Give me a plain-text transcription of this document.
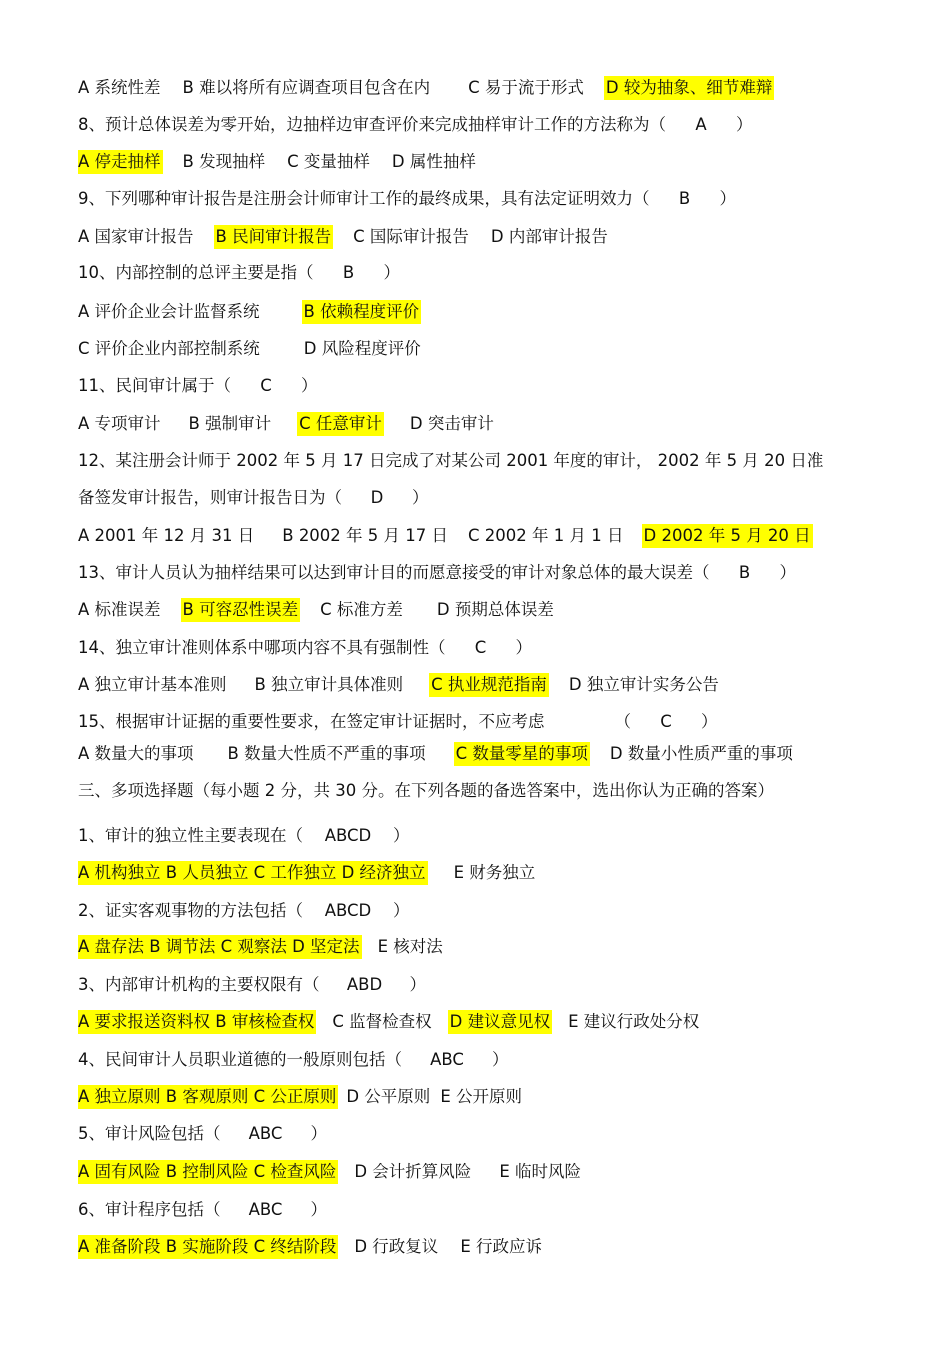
A 系统性差 B 难以将所有应调查项目包含在内 C 易于流于形式 D 较为抽象、细节难辩
8、预计总体误差为零开始，边抽样边审查评价来完成抽样审计工作的方法称为（ A ）
A 停走抽样 B 发现抽样 C 变量抽样 D 属性抽样
9、下列哪种审计报告是注册会计师审计工作的最终成果，具有法定证明效力（ B ）
A 国家审计报告 B 民间审计报告 C 国际审计报告 D 内部审计报告
10、内部控制的总评主要是指（ B ）
A 评价企业会计监督系统	B 依赖程度评价
C 评价企业内部控制系统	D 风险程度评价
11、民间审计属于（ C ）
A 专项审计 B 强制审计 C 任意审计 D 突击审计
12、某注册会计师于 2002 年 5 月 17 日完成了对某公司 2001 年度的审计， 2002 年 5 月 20 日准
备签发审计报告，则审计报告日为（ D ）
A 2001 年 12 月 31 日 B 2002 年 5 月 17 日 C 2002 年 1 月 1 日 D 2002 年 5 月 20 日
13、审计人员认为抽样结果可以达到审计目的而愿意接受的审计对象总体的最大误差（ B ）
A 标准误差 B 可容忍性误差 C 标准方差 D 预期总体误差
14、独立审计准则体系中哪项内容不具有强制性（ C ）
A 独立审计基本准则 B 独立审计具体准则 C 执业规范指南 D 独立审计实务公告
15、根据审计证据的重要性要求，在签定审计证据时，不应考虑	（ C ）
A 数量大的事项 B 数量大性质不严重的事项 C 数量零星的事项 D 数量小性质严重的事项
三、多项选择题（每小题 2 分，共 30 分。在下列各题的备选答案中，选出你认为正确的答案）
1、审计的独立性主要表现在（ ABCD ）
A 机构独立 B 人员独立 C 工作独立 D 经济独立 E 财务独立
2、证实客观事物的方法包括（ ABCD ）
A 盘存法 B 调节法 C 观察法 D 坚定法 E 核对法
3、内部审计机构的主要权限有（ ABD ）
A 要求报送资料权 B 审核检查权 C 监督检查权 D 建议意见权 E 建议行政处分权
4、民间审计人员职业道德的一般原则包括（ ABC ）
A 独立原则 B 客观原则 C 公正原则 D 公平原则 E 公开原则
5、审计风险包括（ ABC ）
A 固有风险 B 控制风险 C 检查风险 D 会计折算风险 E 临时风险
6、审计程序包括（ ABC ）
A 准备阶段 B 实施阶段 C 终结阶段 D 行政复议 E 行政应诉
